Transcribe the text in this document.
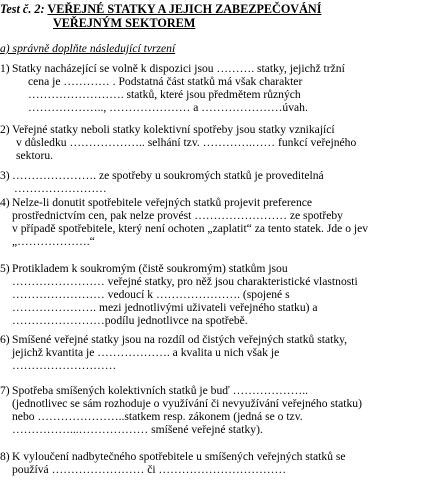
Test č. 2: VEŘEJNÉ STATKY A JEJICH ZABEZPEČOVÁNÍ
VEŘEJNÝM SEKTOREM
a) správně doplňte následující tvrzení
1) Statky nacházející se volně k dispozici jsou ………. statky, jejichž tržní
cena je ………… . Podstatná část statků má však charakter
……………………. statků, které jsou předmětem různých
……………….., ………………… a …………………úvah.
2) Veřejné statky neboli statky kolektivní spotřeby jsou statky vznikající
v důsledku ……………….. selhání tzv. ………….…… funkcí veřejného
sektoru.
3) …………………. ze spotřeby u soukromých statků je proveditelná
……………………
4) Nelze-li donutit spotřebitele veřejných statků projevit preference
prostřednictvím cen, pak nelze provést …………………… ze spotřeby
v případě spotřebitele, který není ochoten „zaplatit“ za tento statek. Jde o jev
„……………….“
5) Protikladem k soukromým (čistě soukromým) statkům jsou
…………………… veřejné statky, pro něž jsou charakteristické vlastnosti
…………………… vedoucí k …………………. (spojené s
…………………. mezi jednotlivými uživateli veřejného statku) a
……………………podílu jednotlivce na spotřebě.
6) Smíšené veřejné statky jsou na rozdíl od čistých veřejných statků statky,
jejichž kvantita je ………………. a kvalita u nich však je
………………………
7) Spotřeba smíšených kolektivních statků je buď ………………..
(jednotlivec se sám rozhoduje o využívání či nevyužívání veřejného statku)
nebo …………………..statkem resp. zákonem (jedná se o tzv.
……………...……………… smíšené veřejné statky).
8) K vyloučení nadbytečného spotřebitele u smíšených veřejných statků se
používá …………………… či ……………………………
